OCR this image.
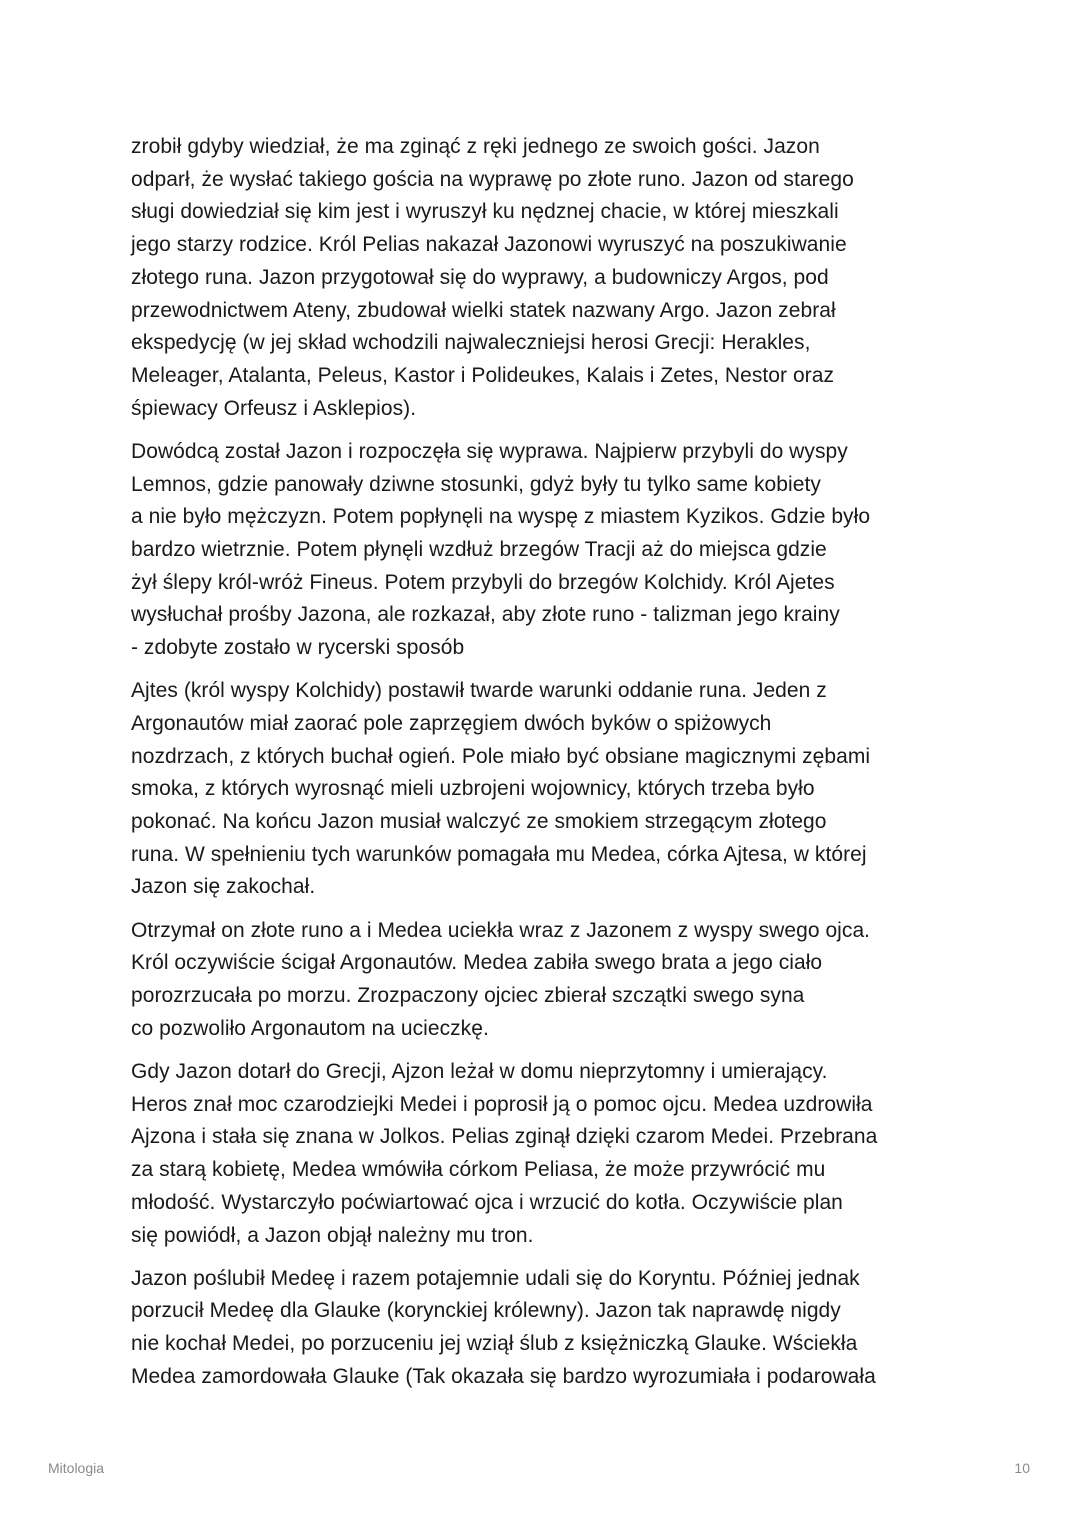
zrobił gdyby wiedział, że ma zginąć z ręki jednego ze swoich gości. Jazon
odparł, że wysłać takiego gościa na wyprawę po złote runo. Jazon od starego
sługi dowiedział się kim jest i wyruszył ku nędznej chacie, w której mieszkali
jego starzy rodzice. Król Pelias nakazał Jazonowi wyruszyć na poszukiwanie
złotego runa. Jazon przygotował się do wyprawy, a budowniczy Argos, pod
przewodnictwem Ateny, zbudował wielki statek nazwany Argo. Jazon zebrał
ekspedycję (w jej skład wchodzili najwaleczniejsi herosi Grecji: Herakles,
Meleager, Atalanta, Peleus, Kastor i Polideukes, Kalais i Zetes, Nestor oraz
śpiewacy Orfeusz i Asklepios).

Dowódcą został Jazon i rozpoczęła się wyprawa. Najpierw przybyli do wyspy
Lemnos, gdzie panowały dziwne stosunki, gdyż były tu tylko same kobiety
a nie było mężczyzn. Potem popłynęli na wyspę z miastem Kyzikos. Gdzie było
bardzo wietrznie. Potem płynęli wzdłuż brzegów Tracji aż do miejsca gdzie
żył ślepy król-wróż Fineus. Potem przybyli do brzegów Kolchidy. Król Ajetes
wysłuchał prośby Jazona, ale rozkazał, aby złote runo - talizman jego krainy
- zdobyte zostało w rycerski sposób

Ajtes (król wyspy Kolchidy) postawił twarde warunki oddanie runa. Jeden z
Argonautów miał zaorać pole zaprzęgiem dwóch byków o spiżowych
nozdrzach, z których buchał ogień. Pole miało być obsiane magicznymi zębami
smoka, z których wyrosnąć mieli uzbrojeni wojownicy, których trzeba było
pokonać. Na końcu Jazon musiał walczyć ze smokiem strzegącym złotego
runa. W spełnieniu tych warunków pomagała mu Medea, córka Ajtesa, w której
Jazon się zakochał.

Otrzymał on złote runo a i Medea uciekła wraz z Jazonem z wyspy swego ojca.
Król oczywiście ścigał Argonautów. Medea zabiła swego brata a jego ciało
porozrzucała po morzu. Zrozpaczony ojciec zbierał szczątki swego syna
co pozwoliło Argonautom na ucieczkę.

Gdy Jazon dotarł do Grecji, Ajzon leżał w domu nieprzytomny i umierający.
Heros znał moc czarodziejki Medei i poprosił ją o pomoc ojcu. Medea uzdrowiła
Ajzona i stała się znana w Jolkos. Pelias zginął dzięki czarom Medei. Przebrana
za starą kobietę, Medea wmówiła córkom Peliasa, że może przywrócić mu
młodość. Wystarczyło poćwiartować ojca i wrzucić do kotła. Oczywiście plan
się powiódł, a Jazon objął należny mu tron.

Jazon poślubił Medeę i razem potajemnie udali się do Koryntu. Później jednak
porzucił Medeę dla Glauke (korynckiej królewny). Jazon tak naprawdę nigdy
nie kochał Medei, po porzuceniu jej wziął ślub z księżniczką Glauke. Wściekła
Medea zamordowała Glauke (Tak okazała się bardzo wyrozumiała i podarowała

Mitologia	10
